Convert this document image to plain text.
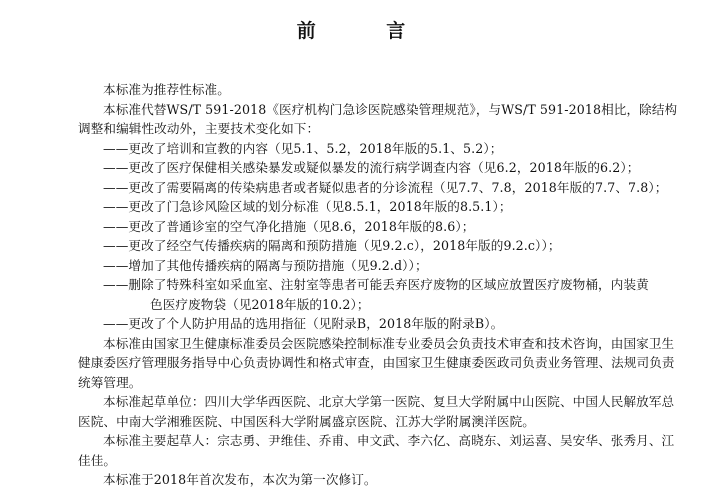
前 言

本标准为推荐性标准。

本标准代替WS/T 591-2018《医疗机构门急诊医院感染管理规范》，与WS/T 591-2018相比，除结构调整和编辑性改动外，主要技术变化如下：

——更改了培训和宣教的内容（见5.1、5.2，2018年版的5.1、5.2）；

——更改了医疗保健相关感染暴发或疑似暴发的流行病学调查内容（见6.2，2018年版的6.2）；

——更改了需要隔离的传染病患者或者疑似患者的分诊流程（见7.7、7.8，2018年版的7.7、7.8）；

——更改了门急诊风险区域的划分标准（见8.5.1，2018年版的8.5.1）；

——更改了普通诊室的空气净化措施（见8.6，2018年版的8.6）；

——更改了经空气传播疾病的隔离和预防措施（见9.2.c），2018年版的9.2.c））；

——增加了其他传播疾病的隔离与预防措施（见9.2.d））；

——删除了特殊科室如采血室、注射室等患者可能丢弃医疗废物的区域应放置医疗废物桶，内装黄
色医疗废物袋（见2018年版的10.2）；

——更改了个人防护用品的选用指征（见附录B，2018年版的附录B）。

本标准由国家卫生健康标准委员会医院感染控制标准专业委员会负责技术审查和技术咨询，由国家卫生健康委医疗管理服务指导中心负责协调性和格式审查，由国家卫生健康委医政司负责业务管理、法规司负责统筹管理。

本标准起草单位：四川大学华西医院、北京大学第一医院、复旦大学附属中山医院、中国人民解放军总医院、中南大学湘雅医院、中国医科大学附属盛京医院、江苏大学附属澳洋医院。

本标准主要起草人：宗志勇、尹维佳、乔甫、申文武、李六亿、高晓东、刘运喜、吴安华、张秀月、江佳佳。

本标准于2018年首次发布，本次为第一次修订。
